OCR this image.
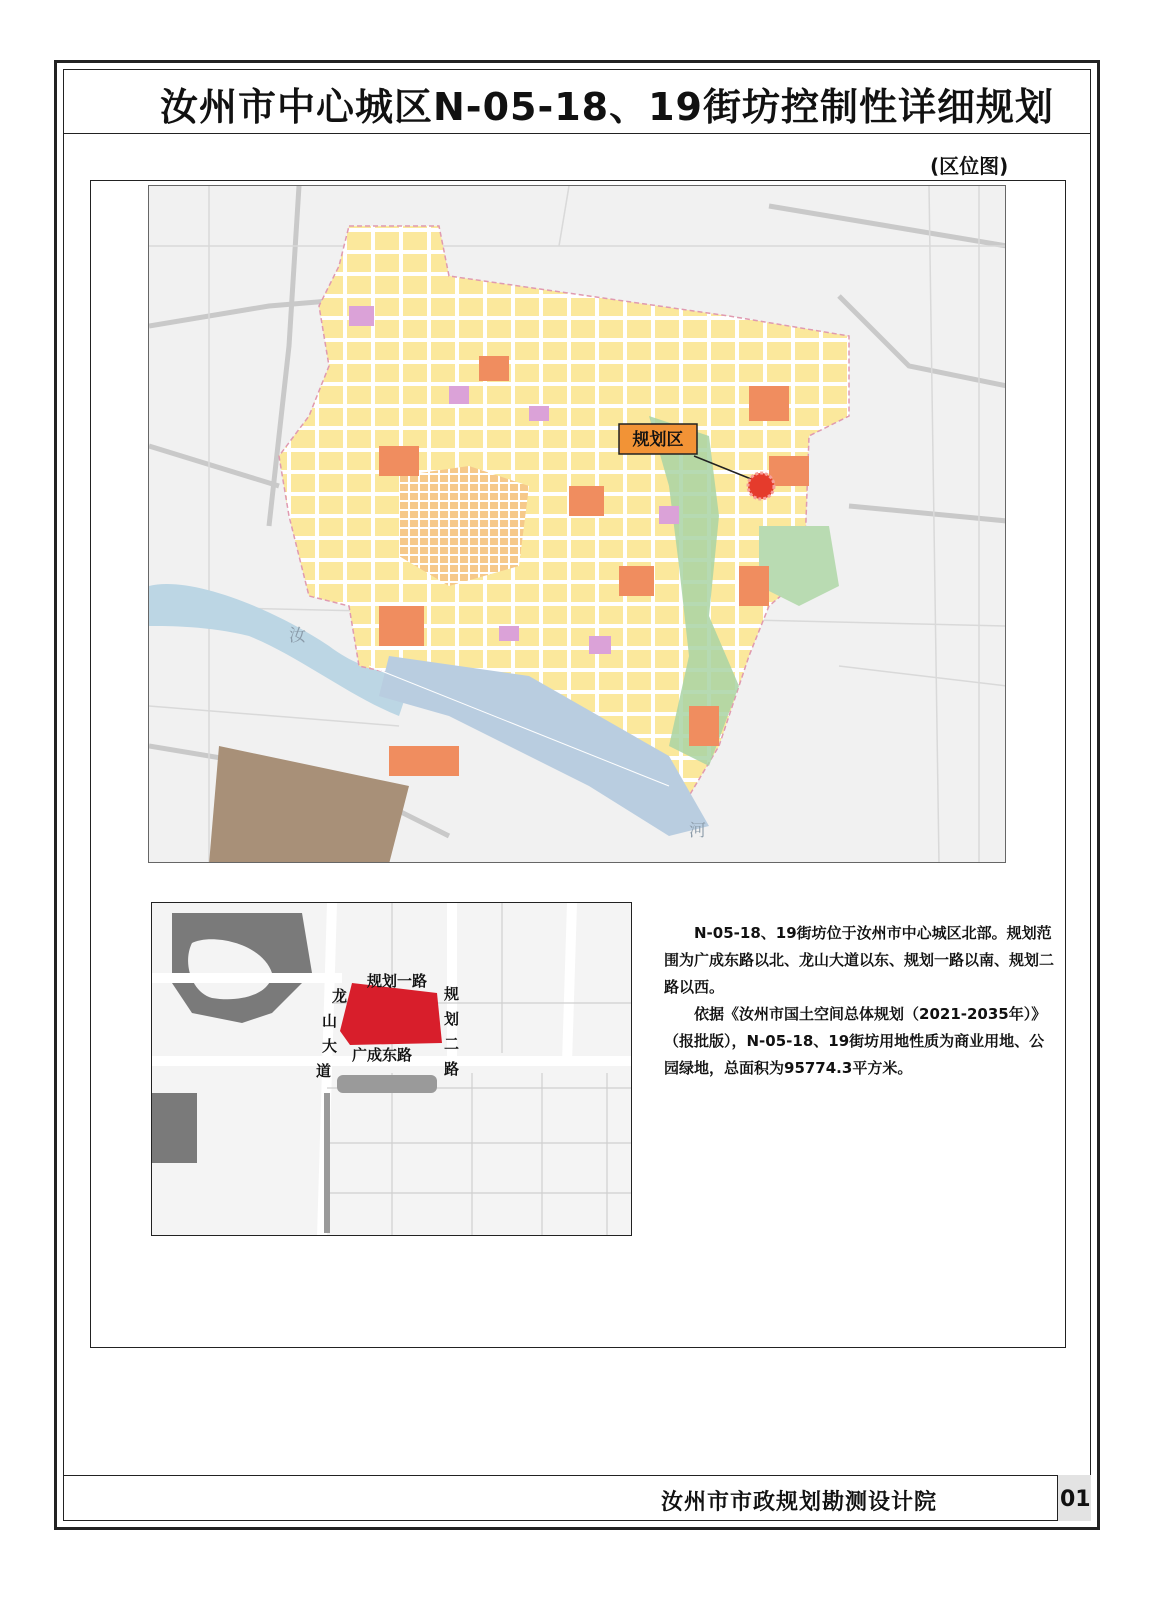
汝州市中心城区N-05-18、19街坊控制性详细规划
(区位图)
规划区
汝
河
规划一路
广成东路
龙
山
大
道
规
划
二
路

N-05-18、19街坊位于汝州市中心城区北部。规划范围为广成东路以北、龙山大道以东、规划一路以南、规划二路以西。

依据《汝州市国土空间总体规划（2021-2035年）》（报批版），N-05-18、19街坊用地性质为商业用地、公园绿地，总面积为95774.3平方米。

汝州市市政规划勘测设计院	01
